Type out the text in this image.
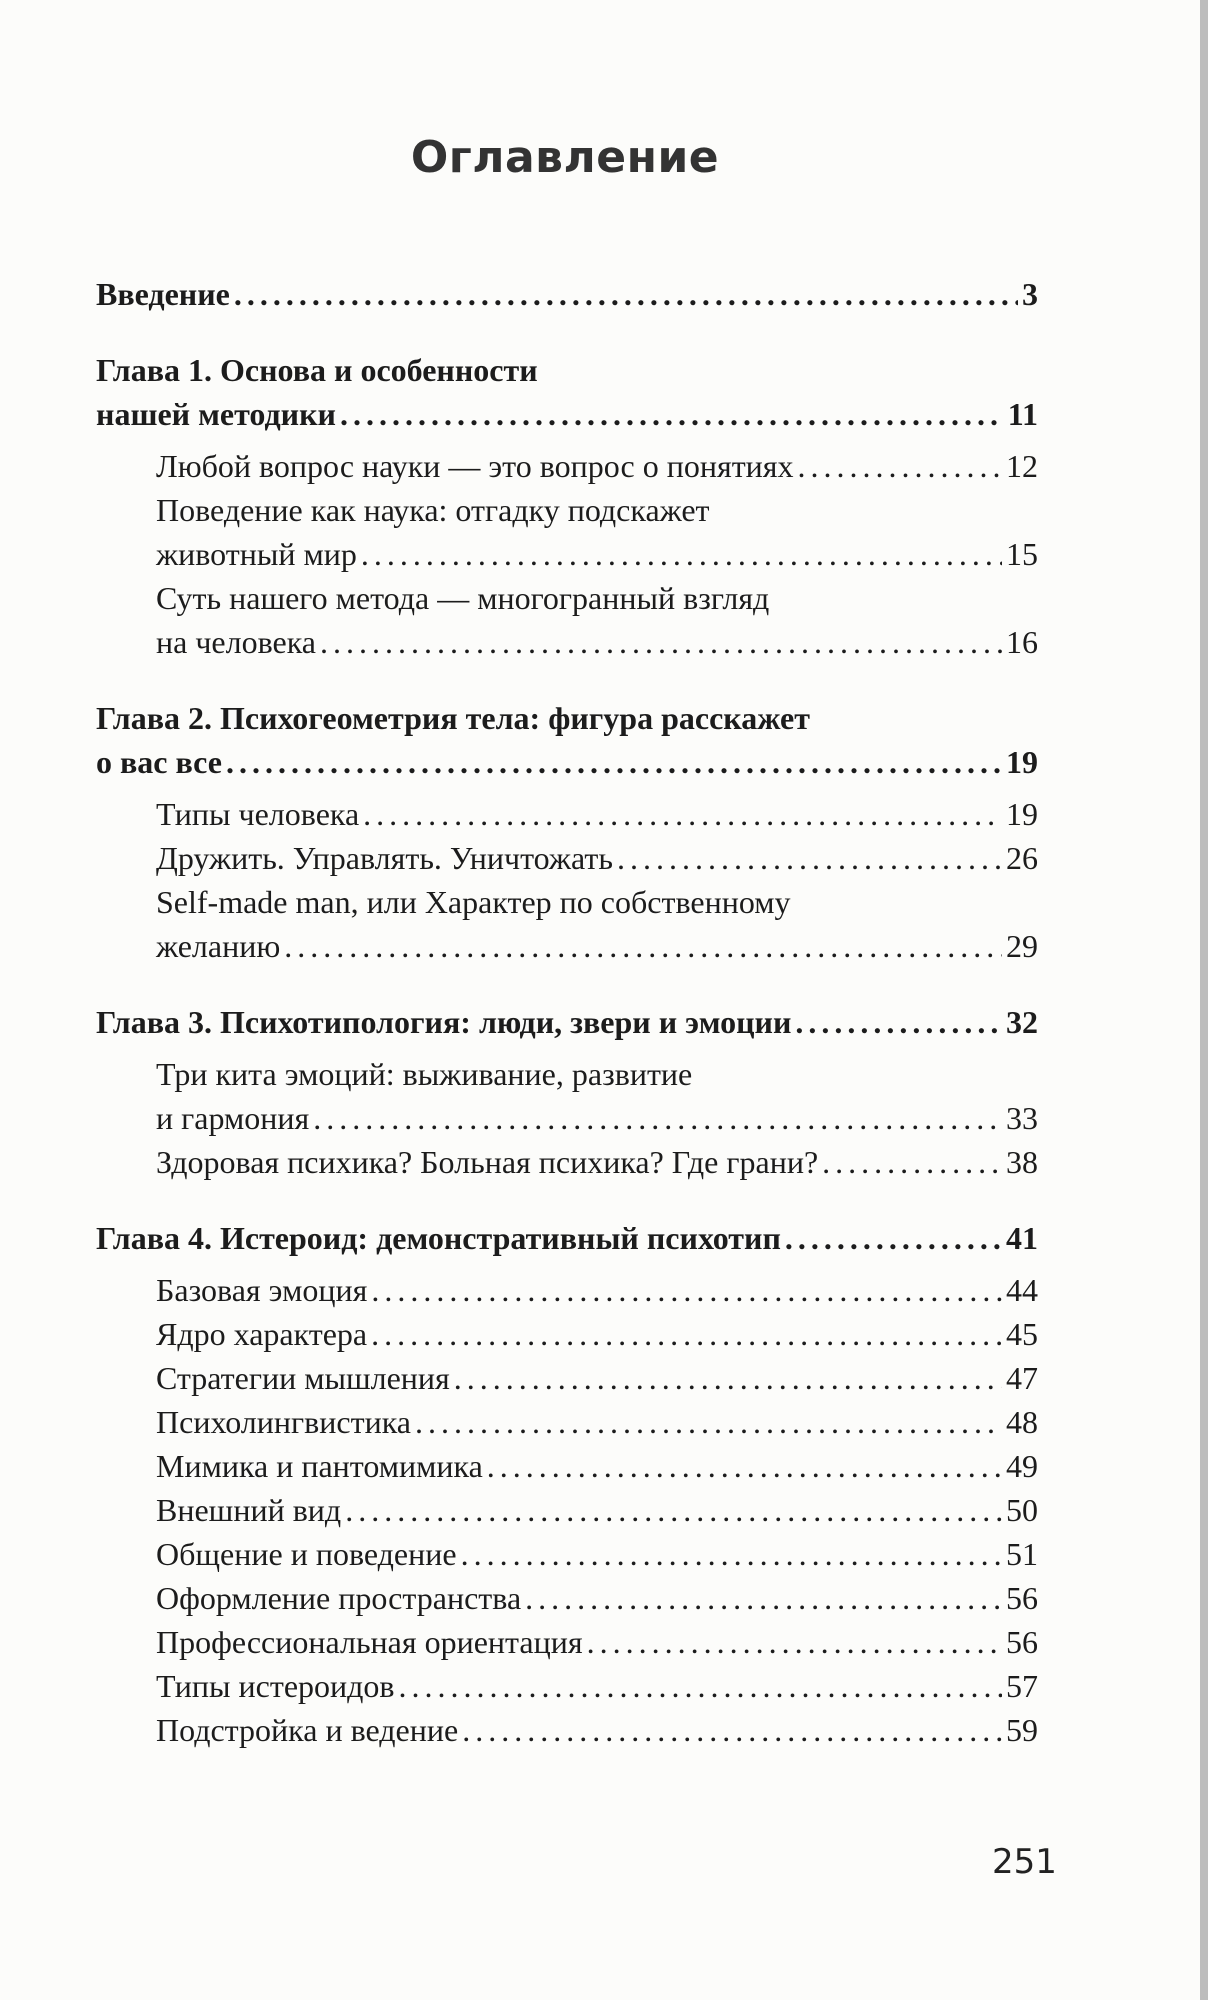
Оглавление
Введение .....	3
Глава 1. Основа и особенности
нашей методики .....	11
Любой вопрос науки — это вопрос о понятиях .....	12
Поведение как наука: отгадку подскажет
животный мир .....	15
Суть нашего метода — многогранный взгляд
на человека .....	16
Глава 2. Психогеометрия тела: фигура расскажет
о вас все .....	19
Типы человека .....	19
Дружить. Управлять. Уничтожать .....	26
Self-made man, или Характер по собственному
желанию .....	29
Глава 3. Психотипология: люди, звери и эмоции .....	32
Три кита эмоций: выживание, развитие
и гармония .....	33
Здоровая психика? Больная психика? Где грани? .....	38
Глава 4. Истероид: демонстративный психотип .....	41
Базовая эмоция .....	44
Ядро характера .....	45
Стратегии мышления .....	47
Психолингвистика .....	48
Мимика и пантомимика .....	49
Внешний вид .....	50
Общение и поведение .....	51
Оформление пространства .....	56
Профессиональная ориентация .....	56
Типы истероидов .....	57
Подстройка и ведение .....	59
251
